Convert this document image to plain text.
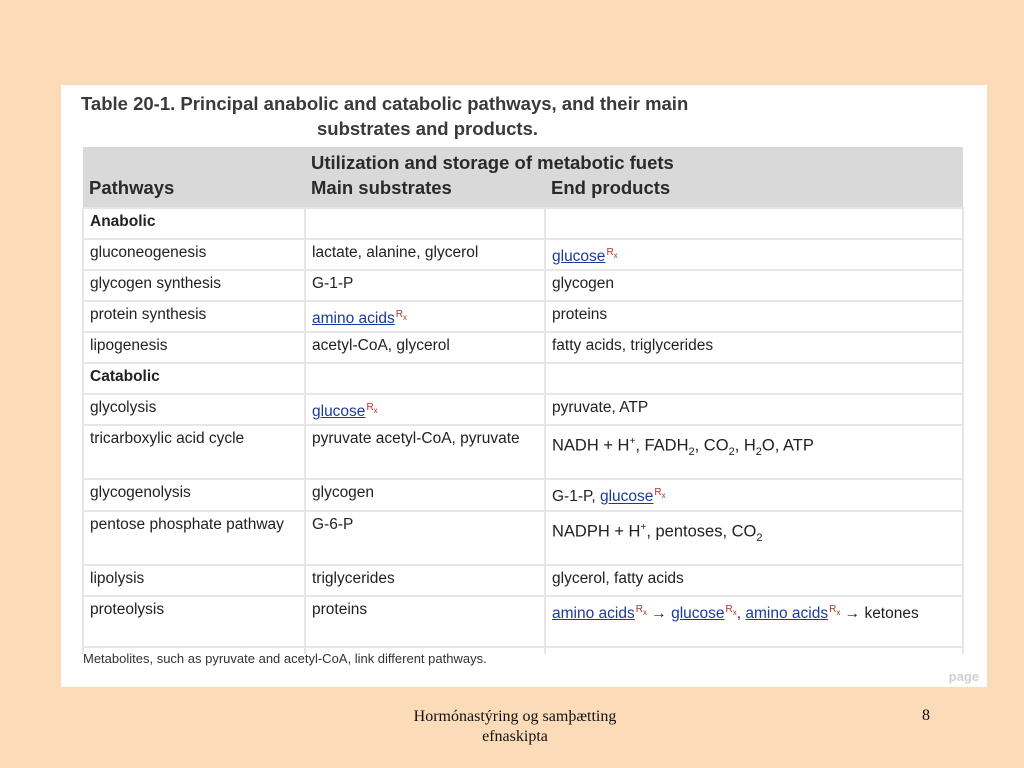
Table 20-1. Principal anabolic and catabolic pathways, and their main
substrates and products.
	Utilization and storage of metabotic fuets	
Pathways	Main substrates	End products
Anabolic		
gluconeogenesis	lactate, alanine, glycerol	glucose$^{R_x}$
glycogen synthesis	G-1-P	glycogen
protein synthesis	amino acids$^{R_x}$	proteins
lipogenesis	acetyl-CoA, glycerol	fatty acids, triglycerides
Catabolic		
glycolysis	glucose$^{R_x}$	pyruvate, ATP
tricarboxylic acid cycle	pyruvate acetyl-CoA, pyruvate	NADH + H+, $FADH_2$, $CO_2$, $H_2O$, ATP
glycogenolysis	glycogen	G-1-P, glucose$^{R_x}$
pentose phosphate pathway	G-6-P	NADPH + H+, pentoses, $CO_2$
lipolysis	triglycerides	glycerol, fatty acids
proteolysis	proteins	amino acids$^{R_x}$ → glucose$^{R_x}$, amino acids$^{R_x}$ → ketones

Metabolites, such as pyruvate and acetyl-CoA, link different pathways.
page
Hormónastýring og samþætting
efnaskipta
8
